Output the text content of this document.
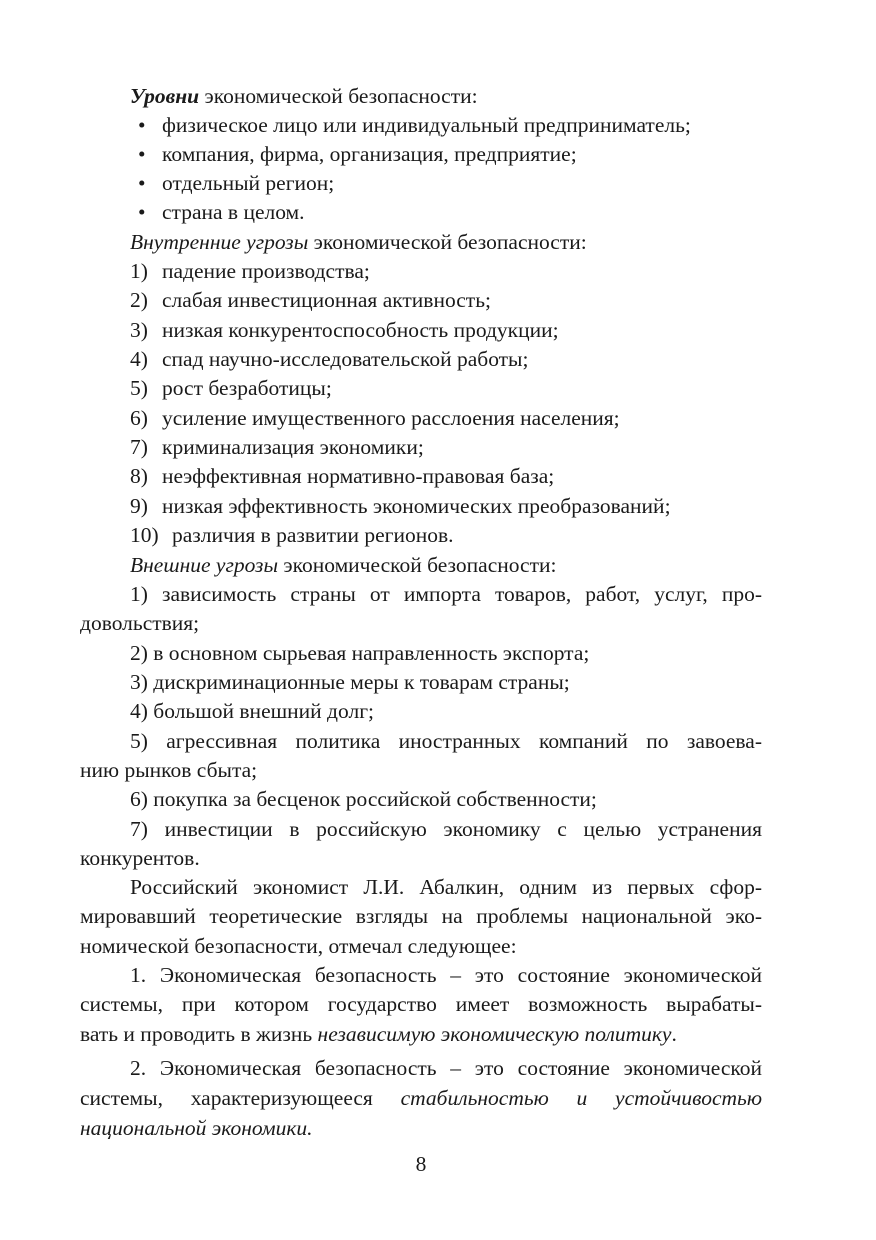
Уровни экономической безопасности:
• физическое лицо или индивидуальный предприниматель;
• компания, фирма, организация, предприятие;
• отдельный регион;
• страна в целом.
Внутренние угрозы экономической безопасности:
1) падение производства;
2) слабая инвестиционная активность;
3) низкая конкурентоспособность продукции;
4) спад научно-исследовательской работы;
5) рост безработицы;
6) усиление имущественного расслоения населения;
7) криминализация экономики;
8) неэффективная нормативно-правовая база;
9) низкая эффективность экономических преобразований;
10) различия в развитии регионов.
Внешние угрозы экономической безопасности:
1) зависимость страны от импорта товаров, работ, услуг, про-
довольствия;
2) в основном сырьевая направленность экспорта;
3) дискриминационные меры к товарам страны;
4) большой внешний долг;
5) агрессивная политика иностранных компаний по завоева-
нию рынков сбыта;
6) покупка за бесценок российской собственности;
7) инвестиции в российскую экономику с целью устранения
конкурентов.
Российский экономист Л.И. Абалкин, одним из первых сфор-
мировавший теоретические взгляды на проблемы национальной эко-
номической безопасности, отмечал следующее:
1. Экономическая безопасность – это состояние экономической
системы, при котором государство имеет возможность вырабаты-
вать и проводить в жизнь независимую экономическую политику.
2. Экономическая безопасность – это состояние экономической
системы, характеризующееся стабильностью и устойчивостью
национальной экономики.
8
